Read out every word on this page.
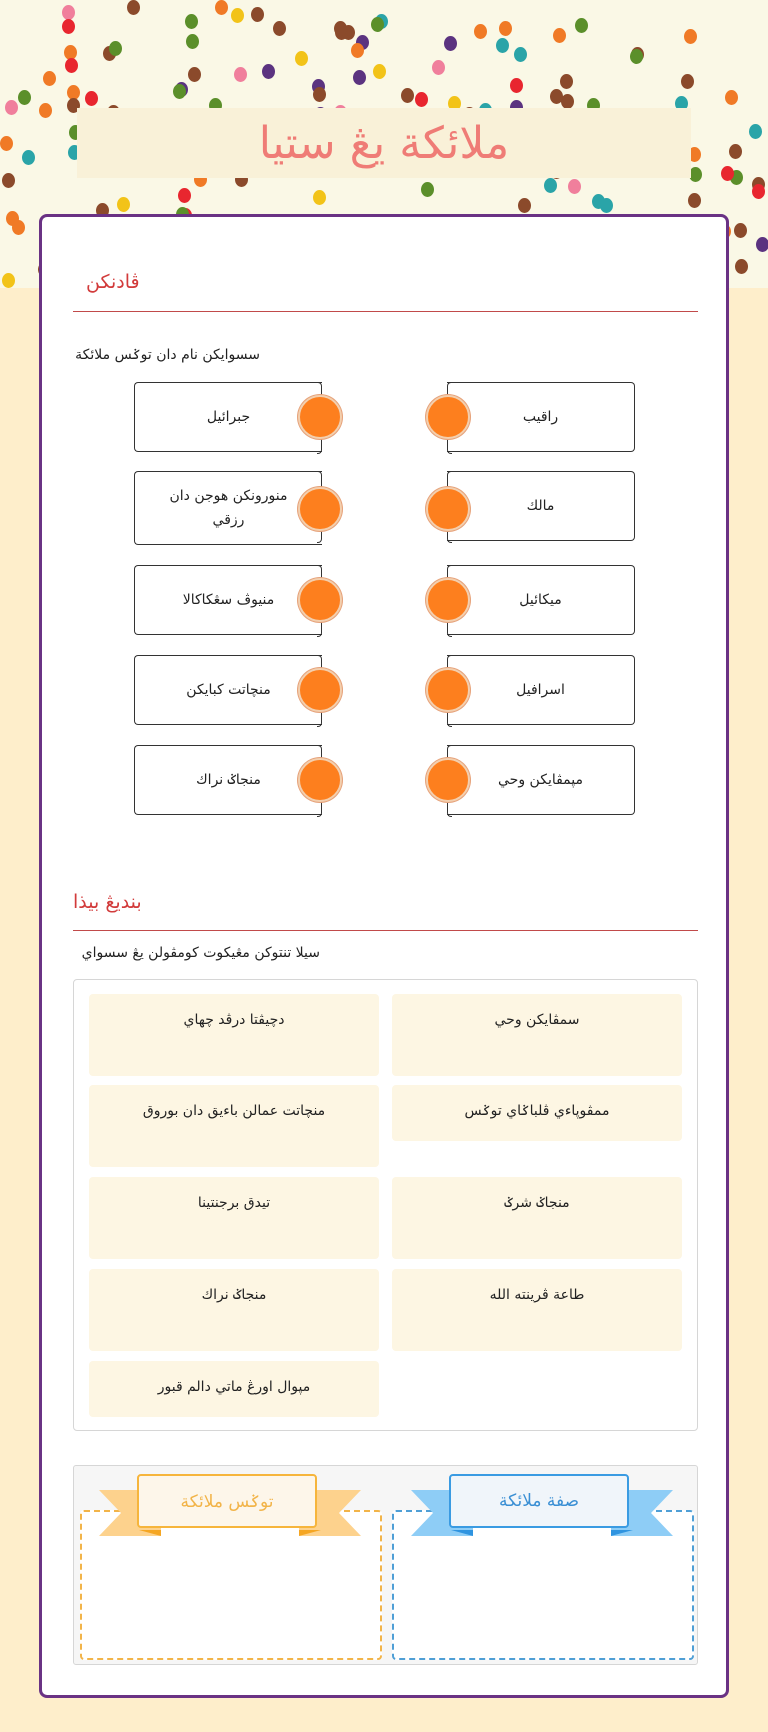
ملائكة يڠ ستيا
ڤادنكن
سسوايكن نام دان توݢس ملائكة
جبرائيل
منورونكن هوجن دان رزقي
منيوڤ سڠكاكالا
منچاتت كبايكن
منجاݢ نراك
راقيب
مالك
ميكائيل
اسرافيل
مڽمڤايكن وحي
بنديڠ بيذا
سيلا تنتوكن مڠيكوت كومڤولن يڠ سسواي
سمڤايكن وحي
دچيڤتا درڤد چهاي
ممڤوڽاءي ڤلباݢاي توݢس
منچاتت عمالن باءيق دان بوروق
منجاݢ شرݢ
تيدق برجنتينا
طاعة ڤرينته الله
منجاݢ نراك
مڽوال اورڠ ماتي دالم قبور
توݢس ملائكة	صفة ملائكة
